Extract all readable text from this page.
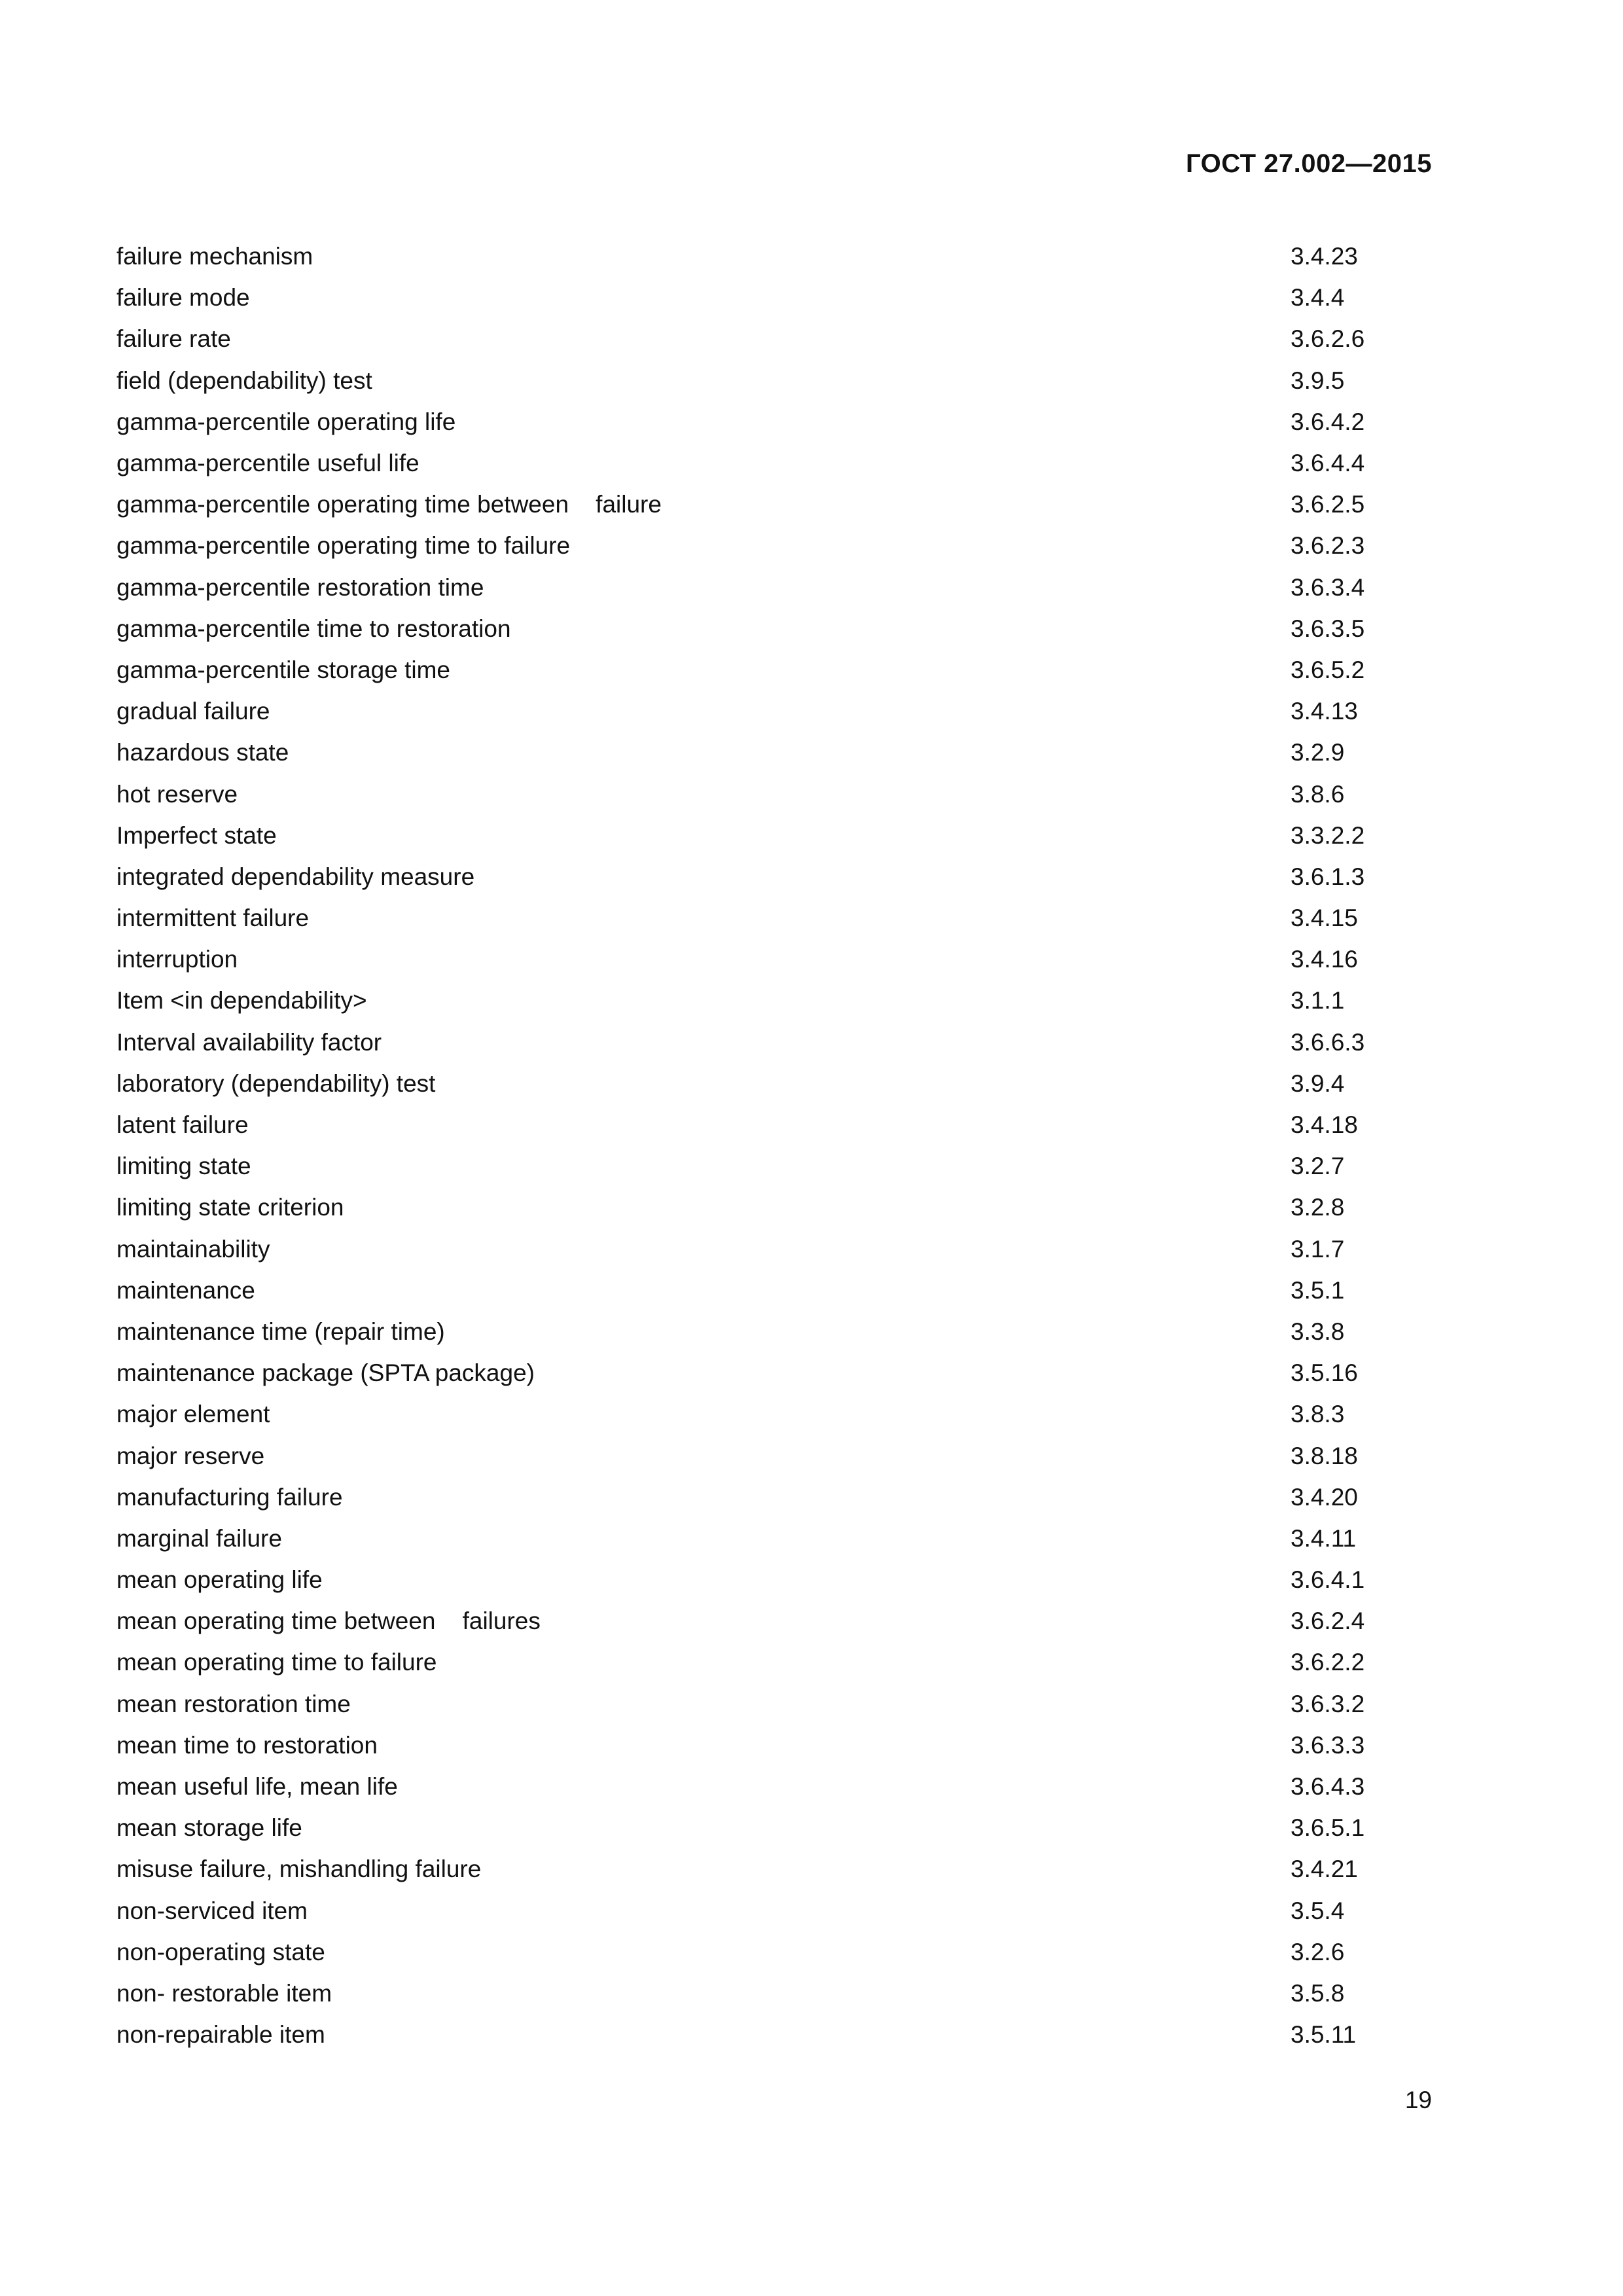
ГОСТ 27.002—2015
failure mechanism	3.4.23
failure mode	3.4.4
failure rate	3.6.2.6
field (dependability) test	3.9.5
gamma-percentile operating life	3.6.4.2
gamma-percentile useful life	3.6.4.4
gamma-percentile operating time between    failure	3.6.2.5
gamma-percentile operating time to failure	3.6.2.3
gamma-percentile restoration time	3.6.3.4
gamma-percentile time to restoration	3.6.3.5
gamma-percentile storage time	3.6.5.2
gradual failure	3.4.13
hazardous state	3.2.9
hot reserve	3.8.6
Imperfect state	3.3.2.2
integrated dependability measure	3.6.1.3
intermittent failure	3.4.15
interruption	3.4.16
Item <in dependability>	3.1.1
Interval availability factor	3.6.6.3
laboratory (dependability) test	3.9.4
latent failure	3.4.18
limiting state	3.2.7
limiting state criterion	3.2.8
maintainability	3.1.7
maintenance	3.5.1
maintenance time (repair time)	3.3.8
maintenance package (SPTA package)	3.5.16
major element	3.8.3
major reserve	3.8.18
manufacturing failure	3.4.20
marginal failure	3.4.11
mean operating life	3.6.4.1
mean operating time between    failures	3.6.2.4
mean operating time to failure	3.6.2.2
mean restoration time	3.6.3.2
mean time to restoration	3.6.3.3
mean useful life, mean life	3.6.4.3
mean storage life	3.6.5.1
misuse failure, mishandling failure	3.4.21
non-serviced item	3.5.4
non-operating state	3.2.6
non- restorable item	3.5.8
non-repairable item	3.5.11
19
